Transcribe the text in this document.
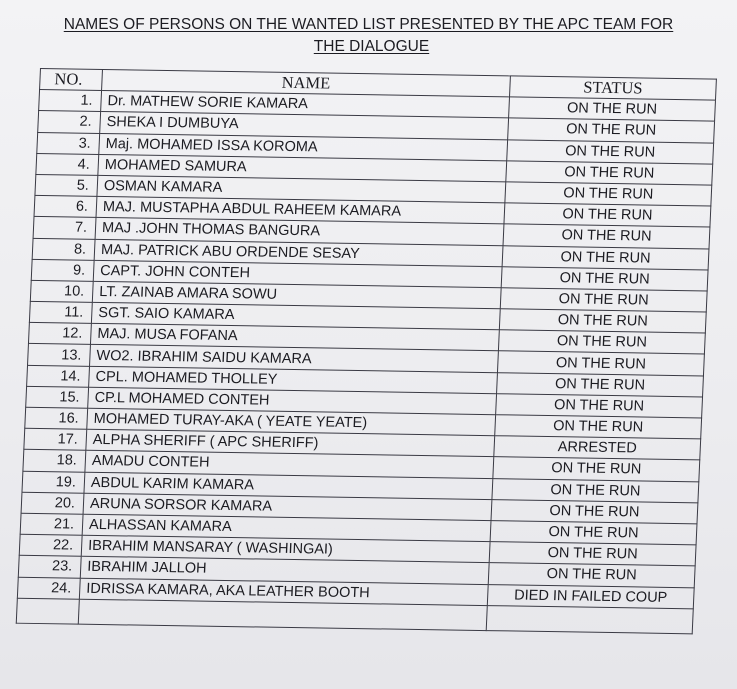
NAMES OF PERSONS ON THE WANTED LIST PRESENTED BY THE APC TEAM FOR
THE DIALOGUE
NO.	NAME	STATUS
1.	Dr. MATHEW SORIE KAMARA	ON THE RUN
2.	SHEKA I DUMBUYA	ON THE RUN
3.	Maj. MOHAMED ISSA KOROMA	ON THE RUN
4.	MOHAMED SAMURA	ON THE RUN
5.	OSMAN KAMARA	ON THE RUN
6.	MAJ. MUSTAPHA ABDUL RAHEEM KAMARA	ON THE RUN
7.	MAJ .JOHN THOMAS BANGURA	ON THE RUN
8.	MAJ. PATRICK ABU ORDENDE SESAY	ON THE RUN
9.	CAPT. JOHN CONTEH	ON THE RUN
10.	LT. ZAINAB AMARA SOWU	ON THE RUN
11.	SGT. SAIO KAMARA	ON THE RUN
12.	MAJ. MUSA FOFANA	ON THE RUN
13.	WO2. IBRAHIM SAIDU KAMARA	ON THE RUN
14.	CPL. MOHAMED THOLLEY	ON THE RUN
15.	CP.L MOHAMED CONTEH	ON THE RUN
16.	MOHAMED TURAY-AKA ( YEATE YEATE)	ON THE RUN
17.	ALPHA SHERIFF ( APC SHERIFF)	ARRESTED
18.	AMADU CONTEH	ON THE RUN
19.	ABDUL KARIM KAMARA	ON THE RUN
20.	ARUNA SORSOR KAMARA	ON THE RUN
21.	ALHASSAN KAMARA	ON THE RUN
22.	IBRAHIM MANSARAY ( WASHINGAI)	ON THE RUN
23.	IBRAHIM JALLOH	ON THE RUN
24.	IDRISSA KAMARA, AKA LEATHER BOOTH	DIED IN FAILED COUP
